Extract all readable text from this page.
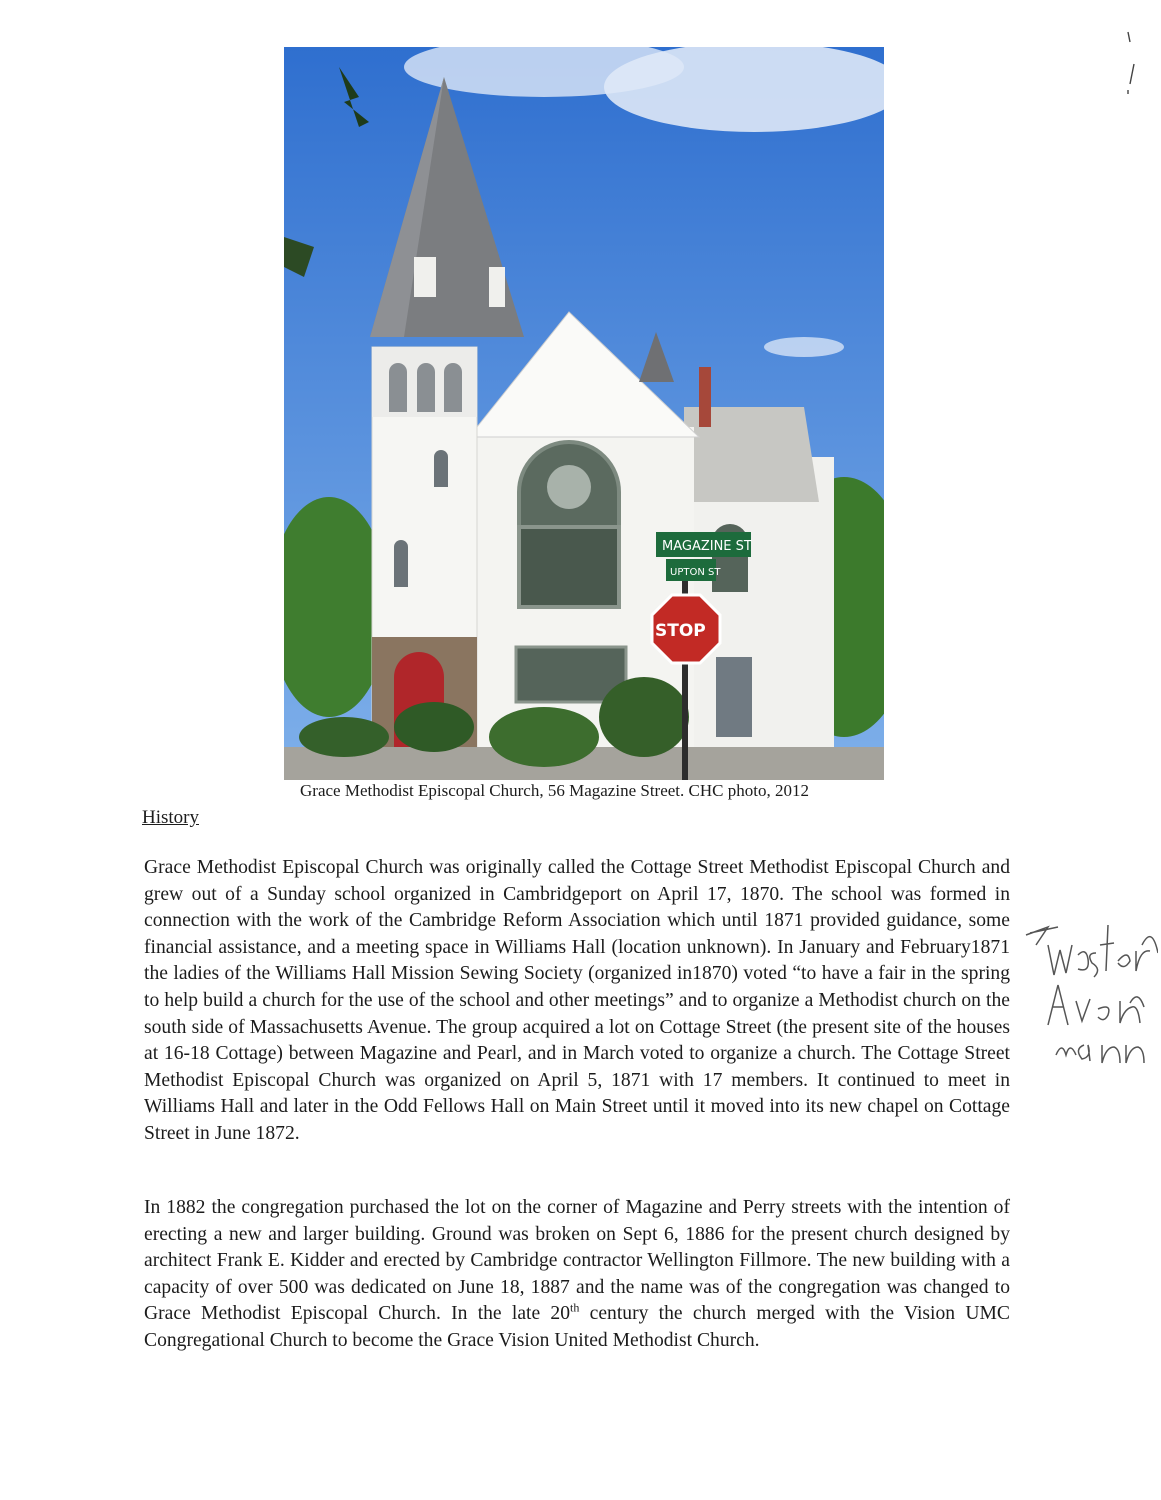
MAGAZINE ST
UPTON ST
STOP
Grace Methodist Episcopal Church, 56 Magazine Street. CHC photo, 2012
History

Grace Methodist Episcopal Church was originally called the Cottage Street Methodist Episcopal Church and grew out of a Sunday school organized in Cambridgeport on April 17, 1870. The school was formed in connection with the work of the Cambridge Reform Association which until 1871 provided guidance, some financial assistance, and a meeting space in Williams Hall (location unknown). In January and February1871 the ladies of the Williams Hall Mission Sewing Society (organized in1870) voted “to have a fair in the spring to help build a church for the use of the school and other meetings” and to organize a Methodist church on the south side of Massachusetts Avenue. The group acquired a lot on Cottage Street (the present site of the houses at 16-18 Cottage) between Magazine and Pearl, and in March voted to organize a church. The Cottage Street Methodist Episcopal Church was organized on April 5, 1871 with 17 members. It continued to meet in Williams Hall and later in the Odd Fellows Hall on Main Street until it moved into its new chapel on Cottage Street in June 1872.

In 1882 the congregation purchased the lot on the corner of Magazine and Perry streets with the intention of erecting a new and larger building. Ground was broken on Sept 6, 1886 for the present church designed by architect Frank E. Kidder and erected by Cambridge contractor Wellington Fillmore. The new building with a capacity of over 500 was dedicated on June 18, 1887 and the name was of the congregation was changed to Grace Methodist Episcopal Church. In the late 20th century the church merged with the Vision UMC Congregational Church to become the Grace Vision United Methodist Church.
